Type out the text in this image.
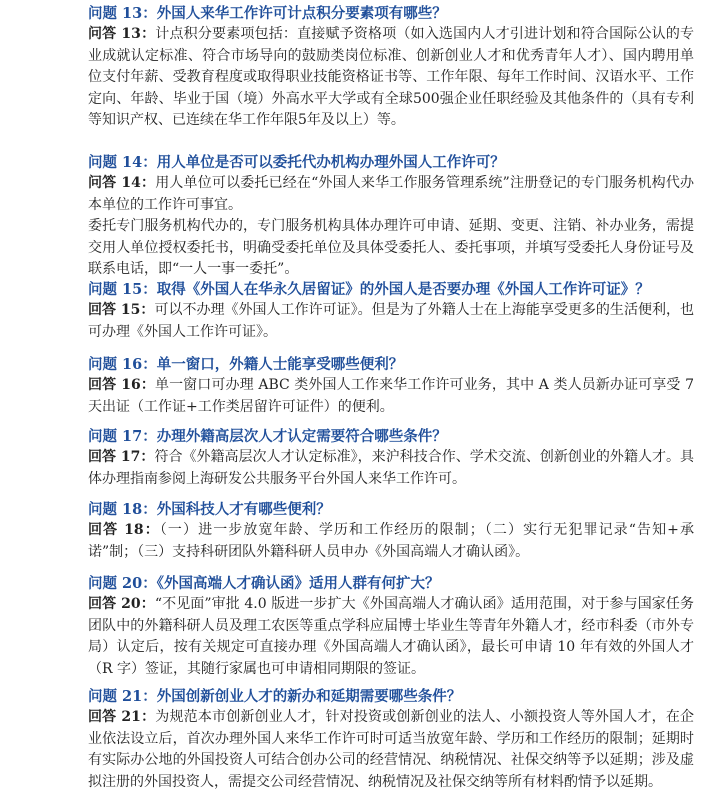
问题 13：外国人来华工作许可计点积分要素项有哪些？

问答 13：计点积分要素项包括：直接赋予资格项（如入选国内人才引进计划和符合国际公认的专业成就认定标准、符合市场导向的鼓励类岗位标准、创新创业人才和优秀青年人才）、国内聘用单位支付年薪、受教育程度或取得职业技能资格证书等、工作年限、每年工作时间、汉语水平、工作定向、年龄、毕业于国（境）外高水平大学或有全球500强企业任职经验及其他条件的（具有专利等知识产权、已连续在华工作年限5年及以上）等。

问题 14：用人单位是否可以委托代办机构办理外国人工作许可？

问答 14：用人单位可以委托已经在“外国人来华工作服务管理系统”注册登记的专门服务机构代办本单位的工作许可事宜。

委托专门服务机构代办的，专门服务机构具体办理许可申请、延期、变更、注销、补办业务，需提交用人单位授权委托书，明确受委托单位及具体受委托人、委托事项，并填写受委托人身份证号及联系电话，即“一人一事一委托”。

问题 15：取得《外国人在华永久居留证》的外国人是否要办理《外国人工作许可证》？

回答 15：可以不办理《外国人工作许可证》。但是为了外籍人士在上海能享受更多的生活便利，也可办理《外国人工作许可证》。

问题 16：单一窗口，外籍人士能享受哪些便利？

回答 16：单一窗口可办理 ABC 类外国人工作来华工作许可业务，其中 A 类人员新办证可享受 7 天出证（工作证+工作类居留许可证件）的便利。

问题 17：办理外籍高层次人才认定需要符合哪些条件？

回答 17：符合《外籍高层次人才认定标准》，来沪科技合作、学术交流、创新创业的外籍人才。具体办理指南参阅上海研发公共服务平台外国人来华工作许可。

问题 18：外国科技人才有哪些便利？

回答 18：（一）进一步放宽年龄、学历和工作经历的限制；（二）实行无犯罪记录“告知+承诺”制；（三）支持科研团队外籍科研人员申办《外国高端人才确认函》。

问题 20：《外国高端人才确认函》适用人群有何扩大？

回答 20：“不见面”审批 4.0 版进一步扩大《外国高端人才确认函》适用范围，对于参与国家任务团队中的外籍科研人员及理工农医等重点学科应届博士毕业生等青年外籍人才，经市科委（市外专局）认定后，按有关规定可直接办理《外国高端人才确认函》，最长可申请 10 年有效的外国人才（R 字）签证，其随行家属也可申请相同期限的签证。

问题 21：外国创新创业人才的新办和延期需要哪些条件？

回答 21：为规范本市创新创业人才，针对投资或创新创业的法人、小额投资人等外国人才，在企业依法设立后，首次办理外国人来华工作许可时可适当放宽年龄、学历和工作经历的限制；延期时有实际办公地的外国投资人可结合创办公司的经营情况、纳税情况、社保交纳等予以延期；涉及虚拟注册的外国投资人，需提交公司经营情况、纳税情况及社保交纳等所有材料酌情予以延期。
